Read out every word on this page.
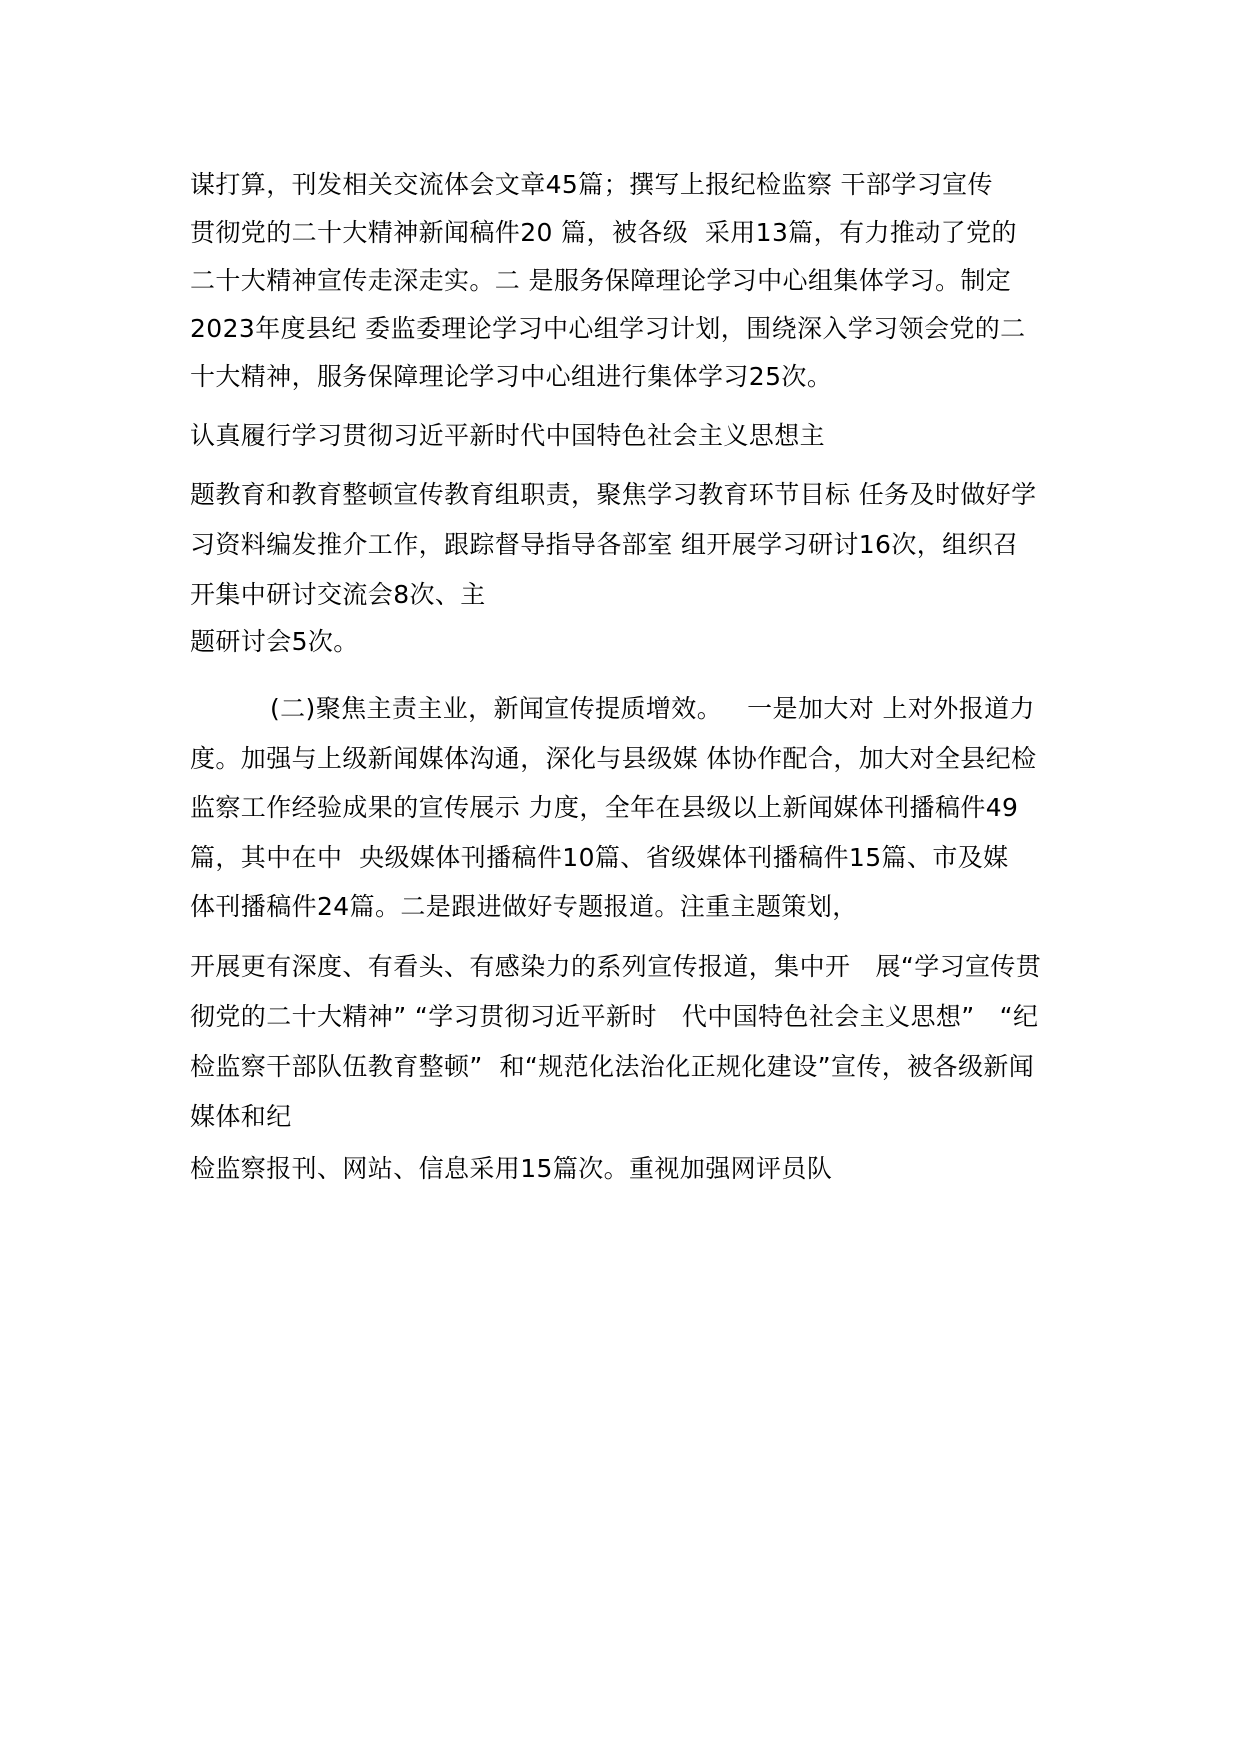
谋打算，刊发相关交流体会文章45篇；撰写上报纪检监察 干部学习宣传

贯彻党的二十大精神新闻稿件20 篇，被各级  采用13篇，有力推动了党的

二十大精神宣传走深走实。二 是服务保障理论学习中心组集体学习。制定

2023年度县纪 委监委理论学习中心组学习计划，围绕深入学习领会党的二

十大精神，服务保障理论学习中心组进行集体学习25次。

认真履行学习贯彻习近平新时代中国特色社会主义思想主

题教育和教育整顿宣传教育组职责，聚焦学习教育环节目标 任务及时做好学

习资料编发推介工作，跟踪督导指导各部室 组开展学习研讨16次，组织召

开集中研讨交流会8次、主

题研讨会5次。

(二)聚焦主责主业，新闻宣传提质增效。   一是加大对 上对外报道力

度。加强与上级新闻媒体沟通，深化与县级媒 体协作配合，加大对全县纪检

监察工作经验成果的宣传展示 力度，全年在县级以上新闻媒体刊播稿件49

篇，其中在中  央级媒体刊播稿件10篇、省级媒体刊播稿件15篇、市及媒

体刊播稿件24篇。二是跟进做好专题报道。注重主题策划，

开展更有深度、有看头、有感染力的系列宣传报道，集中开   展“学习宣传贯

彻党的二十大精神” “学习贯彻习近平新时   代中国特色社会主义思想”   “纪

检监察干部队伍教育整顿”  和“规范化法治化正规化建设”宣传，被各级新闻

媒体和纪

检监察报刊、网站、信息采用15篇次。重视加强网评员队
